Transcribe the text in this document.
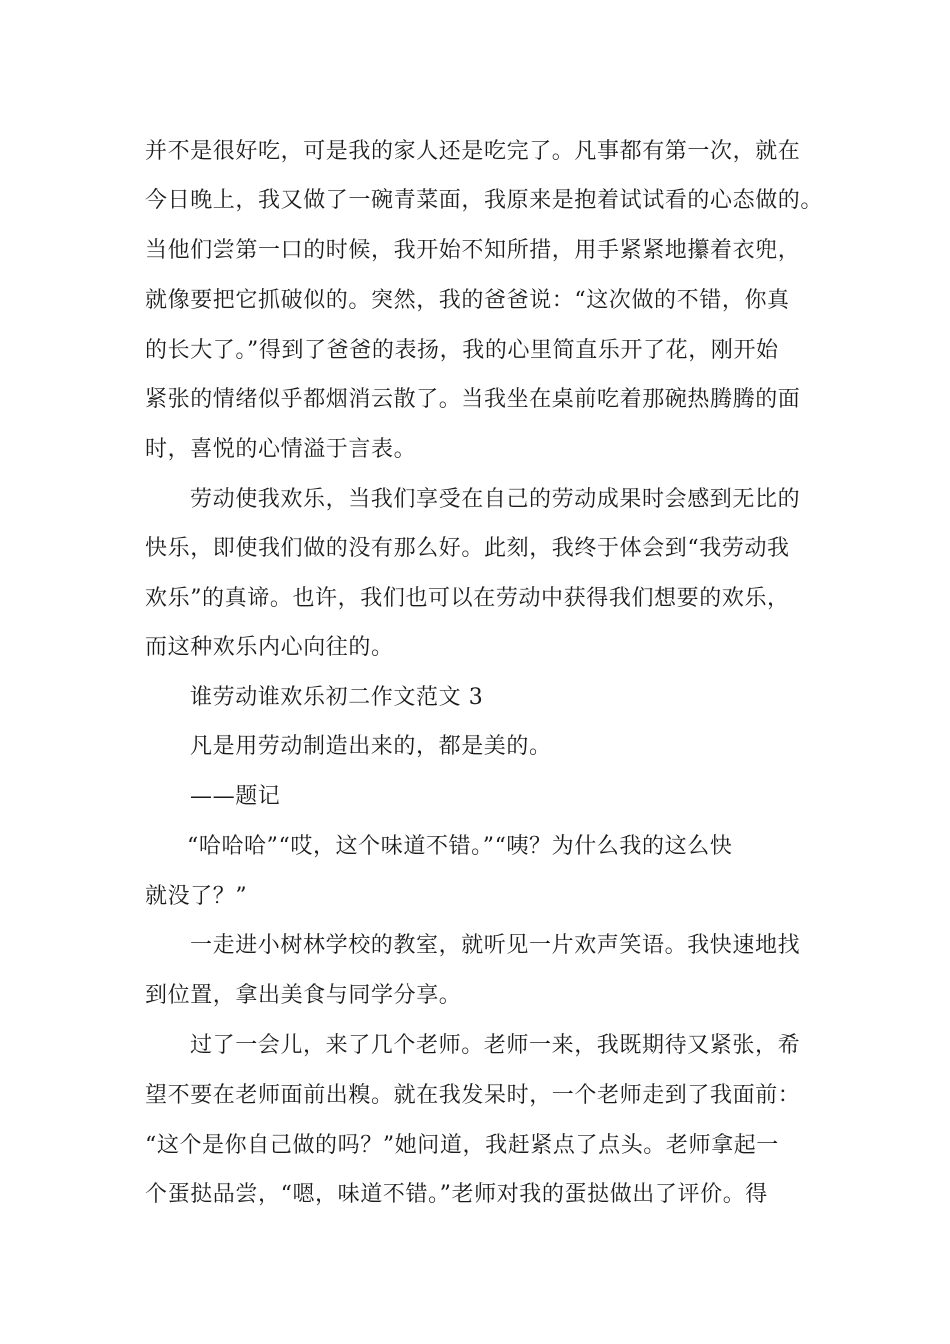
并不是很好吃，可是我的家人还是吃完了。凡事都有第一次，就在
今日晚上，我又做了一碗青菜面，我原来是抱着试试看的心态做的。
当他们尝第一口的时候，我开始不知所措，用手紧紧地攥着衣兜，
就像要把它抓破似的。突然，我的爸爸说：“这次做的不错，你真
的长大了。”得到了爸爸的表扬，我的心里简直乐开了花，刚开始
紧张的情绪似乎都烟消云散了。当我坐在桌前吃着那碗热腾腾的面
时，喜悦的心情溢于言表。
劳动使我欢乐，当我们享受在自己的劳动成果时会感到无比的
快乐，即使我们做的没有那么好。此刻，我终于体会到“我劳动我
欢乐”的真谛。也许，我们也可以在劳动中获得我们想要的欢乐，
而这种欢乐内心向往的。
谁劳动谁欢乐初二作文范文 3
凡是用劳动制造出来的，都是美的。
——题记
“哈哈哈”“哎，这个味道不错。”“咦？为什么我的这么快
就没了？”
一走进小树林学校的教室，就听见一片欢声笑语。我快速地找
到位置，拿出美食与同学分享。
过了一会儿，来了几个老师。老师一来，我既期待又紧张，希
望不要在老师面前出糗。就在我发呆时，一个老师走到了我面前：
“这个是你自己做的吗？”她问道，我赶紧点了点头。老师拿起一
个蛋挞品尝，“嗯，味道不错。”老师对我的蛋挞做出了评价。得
